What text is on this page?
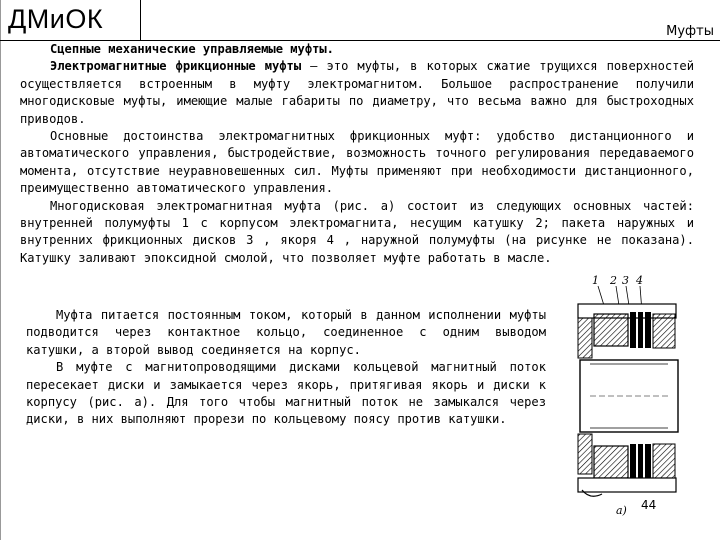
ДМиОК	Муфты

Сцепные механические управляемые муфты.

Электромагнитные фрикционные муфты — это муфты, в которых сжатие трущихся поверхностей осуществляется встроенным в муфту электромагнитом. Большое распространение получили многодисковые муфты, имеющие малые габариты по диаметру, что весьма важно для быстроходных приводов.

Основные достоинства электромагнитных фрикционных муфт: удобство дистанционного и автоматического управления, быстродействие, возможность точного регулирования передаваемого момента, отсутствие неуравновешенных сил. Муфты применяют при необходимости дистанционного, преимущественно автоматического управления.

Многодисковая электромагнитная муфта (рис. а) состоит из следующих основных частей: внутренней полумуфты 1 с корпусом электромагнита, несущим катушку 2; пакета наружных и внутренних фрикционных дисков 3 , якоря 4 , наружной полумуфты (на рисунке не показана). Катушку заливают эпоксидной смолой, что позволяет муфте работать в масле.

Муфта питается постоянным током, который в данном исполнении муфты подводится через контактное кольцо, соединенное с одним выводом катушки, а второй вывод соединяется на корпус.

В муфте с магнитопроводящими дисками кольцевой магнитный поток пересекает диски и замыкается через якорь, притягивая якорь и диски к корпусу (рис. а). Для того чтобы магнитный поток не замыкался через диски, в них выполняют прорези по кольцевому поясу против катушки.

1 2 3 4
а) 44
